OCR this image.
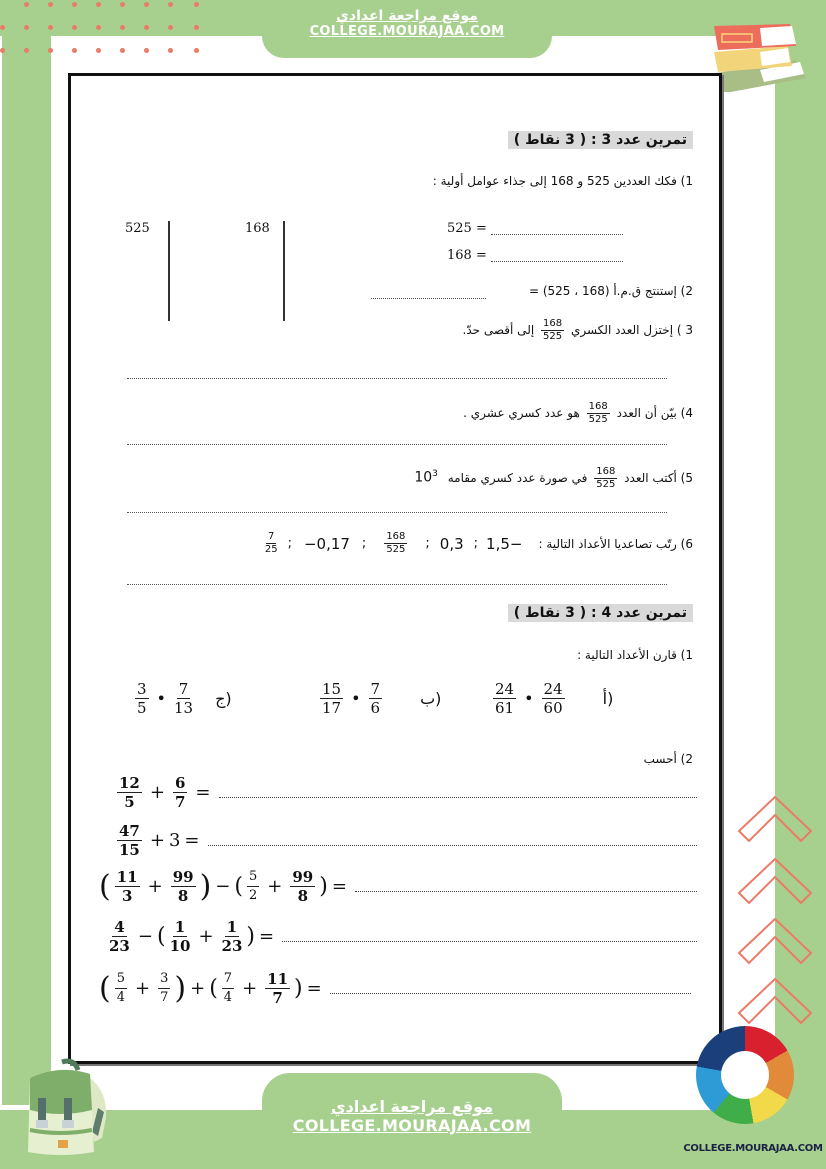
موقع مراجعة اعدادي
COLLEGE.MOURAJAA.COM
تمرين عدد 3 : ( 3 نقاط )
1) فكك العددين 525 و 168 إلى جذاء عوامل أولية :
525	168	525 =
168 =
2) إستنتج ق.م.أ (168 ، 525) =
3 ) إختزل العدد الكسري
$\frac{168}{525}$
إلى أقصى حدّ.
4) بيّن أن العدد
$\frac{168}{525}$
هو عدد كسري عشري .
5) أكتب العدد
$\frac{168}{525}$
في صورة عدد كسري مقامه $10^3$
6) رتّب تصاعديا الأعداد التالية :
−1,5
;
0,3
;
$\frac{168}{525}$
;
−0,17
;
$\frac{7}{25}$
تمرين عدد 4 : ( 3 نقاط )
1) قارن الأعداد التالية :
24
61 • 24
60	أ)
15
17 • 7
6	ب)
3
5 • 7
13 ج)
2) أحسب
12
$5 + \frac{6}{7}$ =
47
15 + 3 =
( 11
$3 + \frac{99}{8}$ ) − ( 5
$2 + \frac{99}{8}$ ) =
4
23 − ( 1
$10 + \frac{1}{23}$ ) =
( 5
$4 + \frac{3}{7}$ ) + ( 7
$4 + \frac{11}{7}$ ) =
COLLEGE.MOURAJAA.COM
موقع مراجعة اعدادي
COLLEGE.MOURAJAA.COM
